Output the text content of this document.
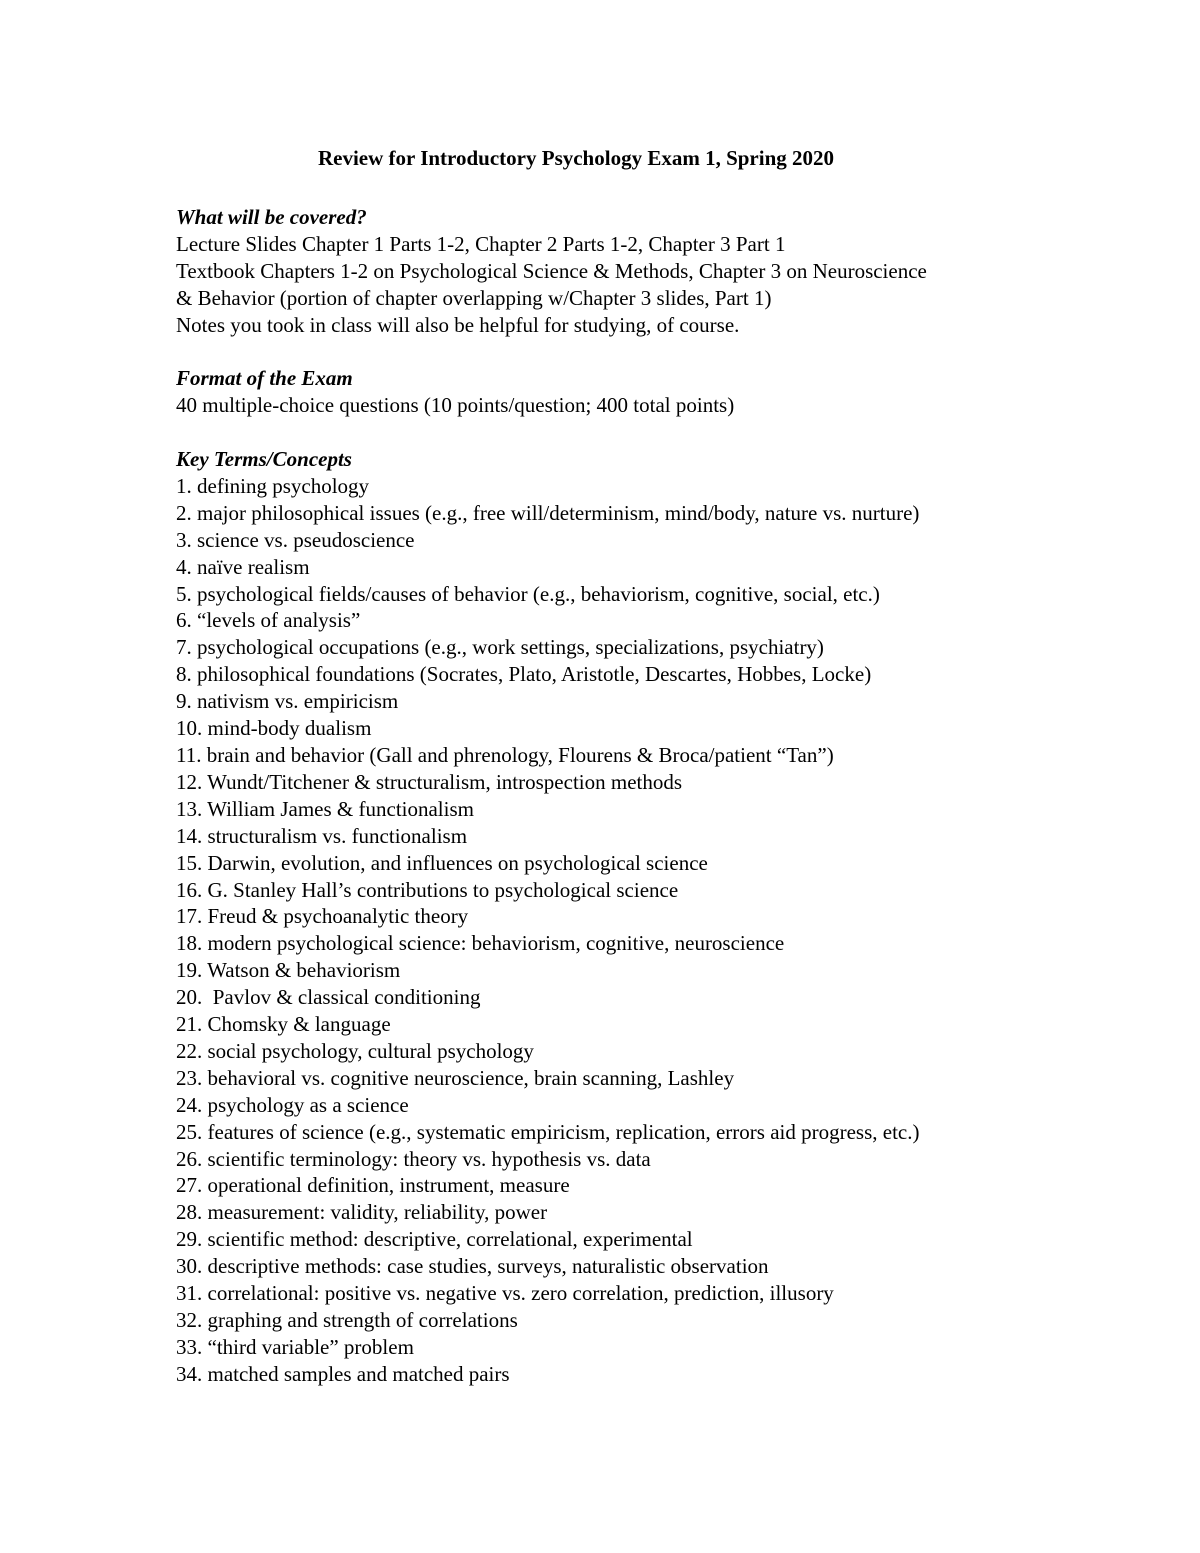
Review for Introductory Psychology Exam 1, Spring 2020

What will be covered?

Lecture Slides Chapter 1 Parts 1-2, Chapter 2 Parts 1-2, Chapter 3 Part 1

Textbook Chapters 1-2 on Psychological Science & Methods, Chapter 3 on Neuroscience

& Behavior (portion of chapter overlapping w/Chapter 3 slides, Part 1)

Notes you took in class will also be helpful for studying, of course.

Format of the Exam

40 multiple-choice questions (10 points/question; 400 total points)

Key Terms/Concepts

1. defining psychology
2. major philosophical issues (e.g., free will/determinism, mind/body, nature vs. nurture)
3. science vs. pseudoscience
4. naïve realism
5. psychological fields/causes of behavior (e.g., behaviorism, cognitive, social, etc.)
6. “levels of analysis”
7. psychological occupations (e.g., work settings, specializations, psychiatry)
8. philosophical foundations (Socrates, Plato, Aristotle, Descartes, Hobbes, Locke)
9. nativism vs. empiricism
10. mind-body dualism
11. brain and behavior (Gall and phrenology, Flourens & Broca/patient “Tan”)
12. Wundt/Titchener & structuralism, introspection methods
13. William James & functionalism
14. structuralism vs. functionalism
15. Darwin, evolution, and influences on psychological science
16. G. Stanley Hall’s contributions to psychological science
17. Freud & psychoanalytic theory
18. modern psychological science: behaviorism, cognitive, neuroscience
19. Watson & behaviorism
20.  Pavlov & classical conditioning
21. Chomsky & language
22. social psychology, cultural psychology
23. behavioral vs. cognitive neuroscience, brain scanning, Lashley
24. psychology as a science
25. features of science (e.g., systematic empiricism, replication, errors aid progress, etc.)
26. scientific terminology: theory vs. hypothesis vs. data
27. operational definition, instrument, measure
28. measurement: validity, reliability, power
29. scientific method: descriptive, correlational, experimental
30. descriptive methods: case studies, surveys, naturalistic observation
31. correlational: positive vs. negative vs. zero correlation, prediction, illusory
32. graphing and strength of correlations
33. “third variable” problem
34. matched samples and matched pairs
